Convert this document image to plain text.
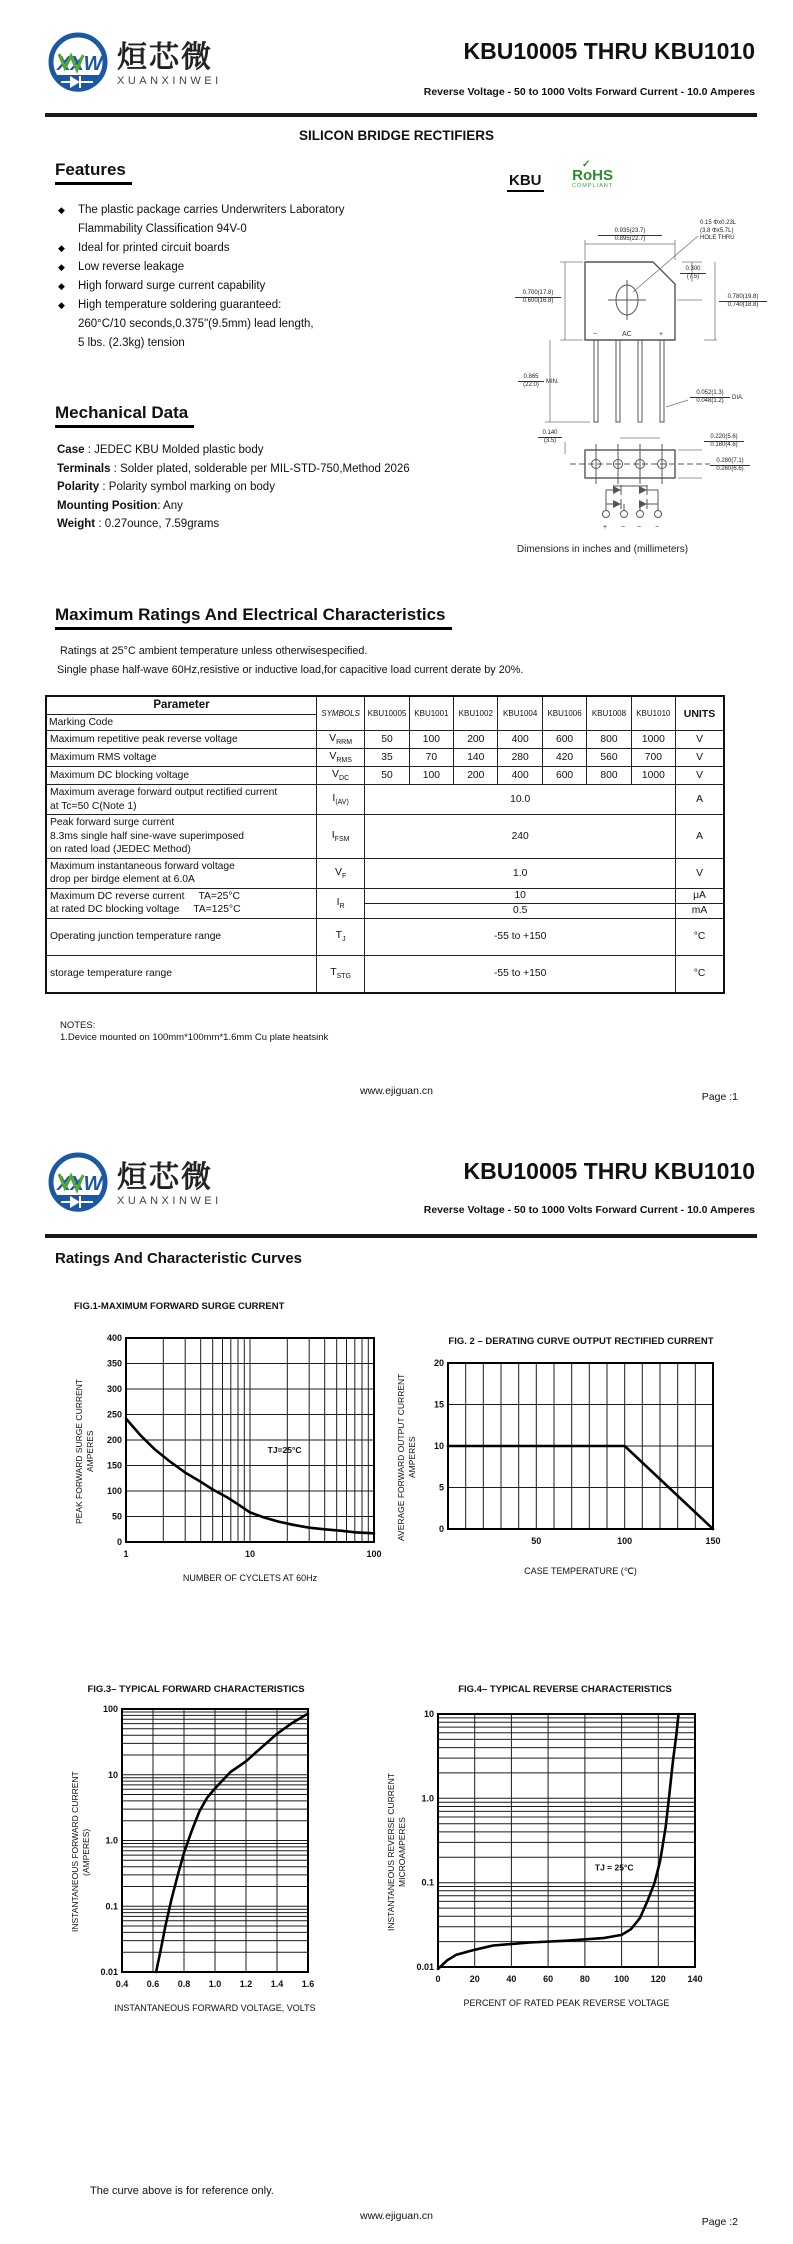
XXW 烜芯微
XUANXINWEI
KBU10005 THRU KBU1010
Reverse Voltage - 50 to 1000 Volts Forward Current - 10.0 Amperes
SILICON BRIDGE RECTIFIERS
Features
◆	The plastic package carries Underwriters Laboratory
Flammability Classification 94V-0
◆	Ideal for printed circuit boards
◆	Low reverse leakage
◆	High forward surge current capability
◆	High temperature soldering guaranteed:
260°C/10 seconds,0.375"(9.5mm) lead length,
5 lbs. (2.3kg) tension
KBU
✓
RoHS
COMPLIANT
−	AC	+
+ ~ ~ −
0.935(23.7)
0.895(22.7)
0.15 Φx0.23L
(3.8 Φx5.7L)
HOLE THRU
0.700(17.8)
0.600(16.8)
0.300
(7.5)
0.780(19.8)
0.740(18.8)
0.865
(22.0)
MIN.
0.052(1.3)
0.048(1.2)
DIA.
0.140
(3.5)
0.220(5.6)
0.180(4.6)
0.280(7.1)
0.260(6.6)
Dimensions in inches and (millimeters)
Mechanical Data
Case : JEDEC KBU Molded plastic body
Terminals : Solder plated, solderable per MIL-STD-750,Method 2026
Polarity : Polarity symbol marking on body
Mounting Position: Any
Weight : 0.27ounce, 7.59grams
Maximum Ratings And Electrical Characteristics
Ratings at 25°C ambient temperature unless otherwisespecified.
Single phase half-wave 60Hz,resistive or inductive load,for capacitive load current derate by 20%.
Parameter
Marking Code	SYMBOLS	KBU10005	KBU1001	KBU1002	KBU1004	KBU1006	KBU1008	KBU1010	UNITS
Maximum repetitive peak reverse voltage	$V_{RRM}$	50	100	200	400	600	800	1000	V
Maximum RMS voltage	$V_{RMS}$	35	70	140	280	420	560	700	V
Maximum DC blocking voltage	$V_{DC}$	50	100	200	400	600	800	1000	V

Maximum average forward output rectified current
at Tc=50 C(Note 1)	$I_{(AV)}$	10.0							A

Peak forward surge current
8.3ms single half sine-wave superimposed
on rated load (JEDEC Method)	$I_{FSM}$	240							A

Maximum instantaneous forward voltage
drop per birdge element at 6.0A	$V_F$	1.0							V

Maximum DC reverse current TA=25°C
at rated DC blocking voltage TA=125°C	$I_R$	10							μA
		0.5							mA
Operating junction temperature range	$T_J$	-55 to +150							°C
storage temperature range	$T_{STG}$	-55 to +150							°C
NOTES:
1.Device mounted on 100mm*100mm*1.6mm Cu plate heatsink
www.ejiguan.cn	Page :1
XXW 烜芯微
XUANXINWEI
KBU10005 THRU KBU1010
Reverse Voltage - 50 to 1000 Volts Forward Current - 10.0 Amperes
Ratings And Characteristic Curves
FIG.1-MAXIMUM FORWARD SURGE CURRENT
PEAK FORWARD SURGE CURRENT AMPERES
1	10	100
0
50
100
150
200
250
300
350
400
TJ=25°C
NUMBER OF CYCLETS AT 60Hz
FIG. 2 – DERATING CURVE OUTPUT RECTIFIED CURRENT
AVERAGE FORWARD OUTPUT CURRENT AMPERES
50	100	150
0
5
10
15
20
CASE TEMPERATURE (℃)
FIG.3– TYPICAL FORWARD CHARACTERISTICS
INSTANTANEOUS FORWARD CURRENT (AMPERES)
0.4 0.6 0.8 1.0 1.2 1.4 1.6
0.01
0.1
1.0
10
100
INSTANTANEOUS FORWARD VOLTAGE, VOLTS
FIG.4– TYPICAL REVERSE CHARACTERISTICS
INSTANTANEOUS REVERSE CURRENT MICROAMPERES
0	20	40	60	80	100 120 140
0.01
0.1
1.0
10
TJ = 25°C
PERCENT OF RATED PEAK REVERSE VOLTAGE
The curve above is for reference only.
www.ejiguan.cn	Page :2
